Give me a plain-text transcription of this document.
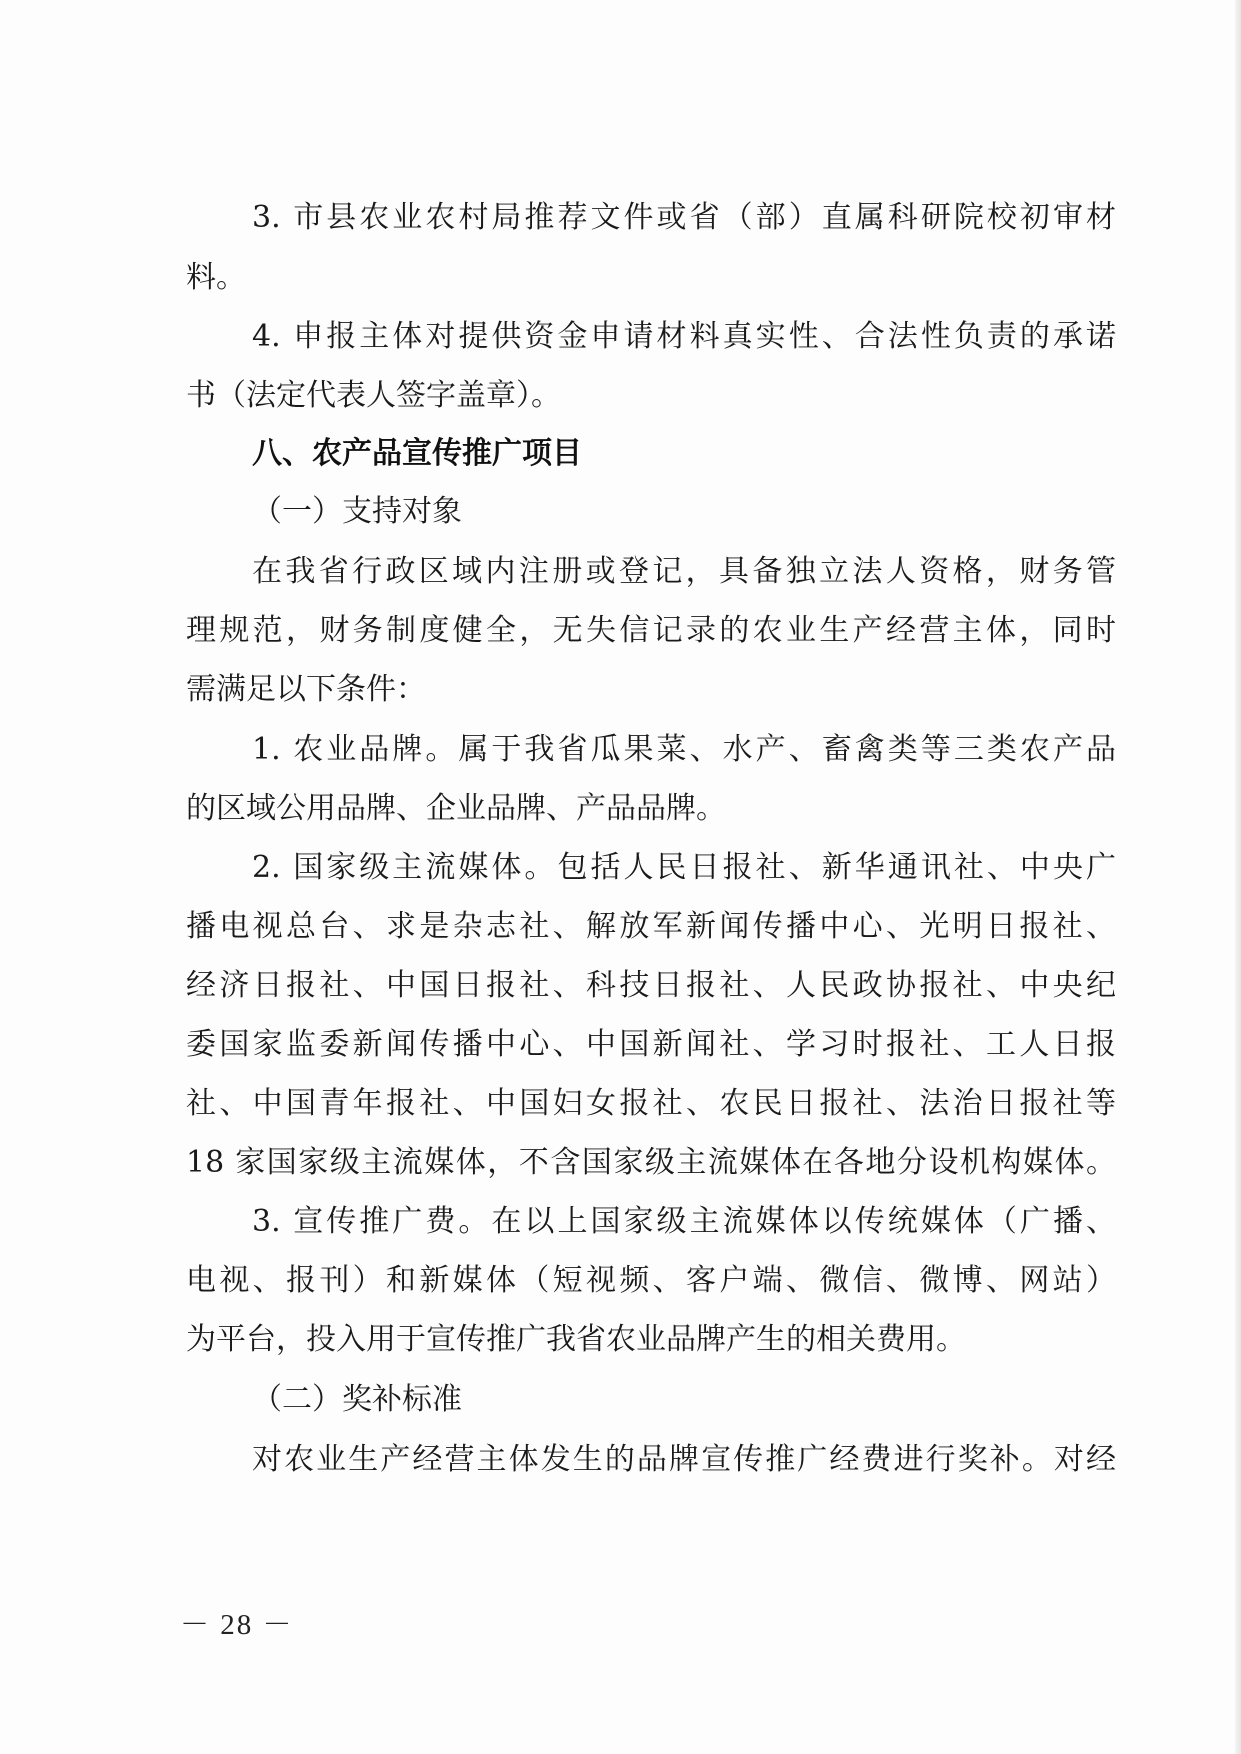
3. 市县农业农村局推荐文件或省（部）直属科研院校初审材
料。
4. 申报主体对提供资金申请材料真实性、合法性负责的承诺
书（法定代表人签字盖章）。
八、农产品宣传推广项目
（一）支持对象
在我省行政区域内注册或登记，具备独立法人资格，财务管
理规范，财务制度健全，无失信记录的农业生产经营主体，同时
需满足以下条件：
1. 农业品牌。属于我省瓜果菜、水产、畜禽类等三类农产品
的区域公用品牌、企业品牌、产品品牌。
2. 国家级主流媒体。包括人民日报社、新华通讯社、中央广
播电视总台、求是杂志社、解放军新闻传播中心、光明日报社、
经济日报社、中国日报社、科技日报社、人民政协报社、中央纪
委国家监委新闻传播中心、中国新闻社、学习时报社、工人日报
社、中国青年报社、中国妇女报社、农民日报社、法治日报社等
18 家国家级主流媒体，不含国家级主流媒体在各地分设机构媒体。
3. 宣传推广费。在以上国家级主流媒体以传统媒体（广播、
电视、报刊）和新媒体（短视频、客户端、微信、微博、网站）
为平台，投入用于宣传推广我省农业品牌产生的相关费用。
（二）奖补标准
对农业生产经营主体发生的品牌宣传推广经费进行奖补。对经
－ 28 －
